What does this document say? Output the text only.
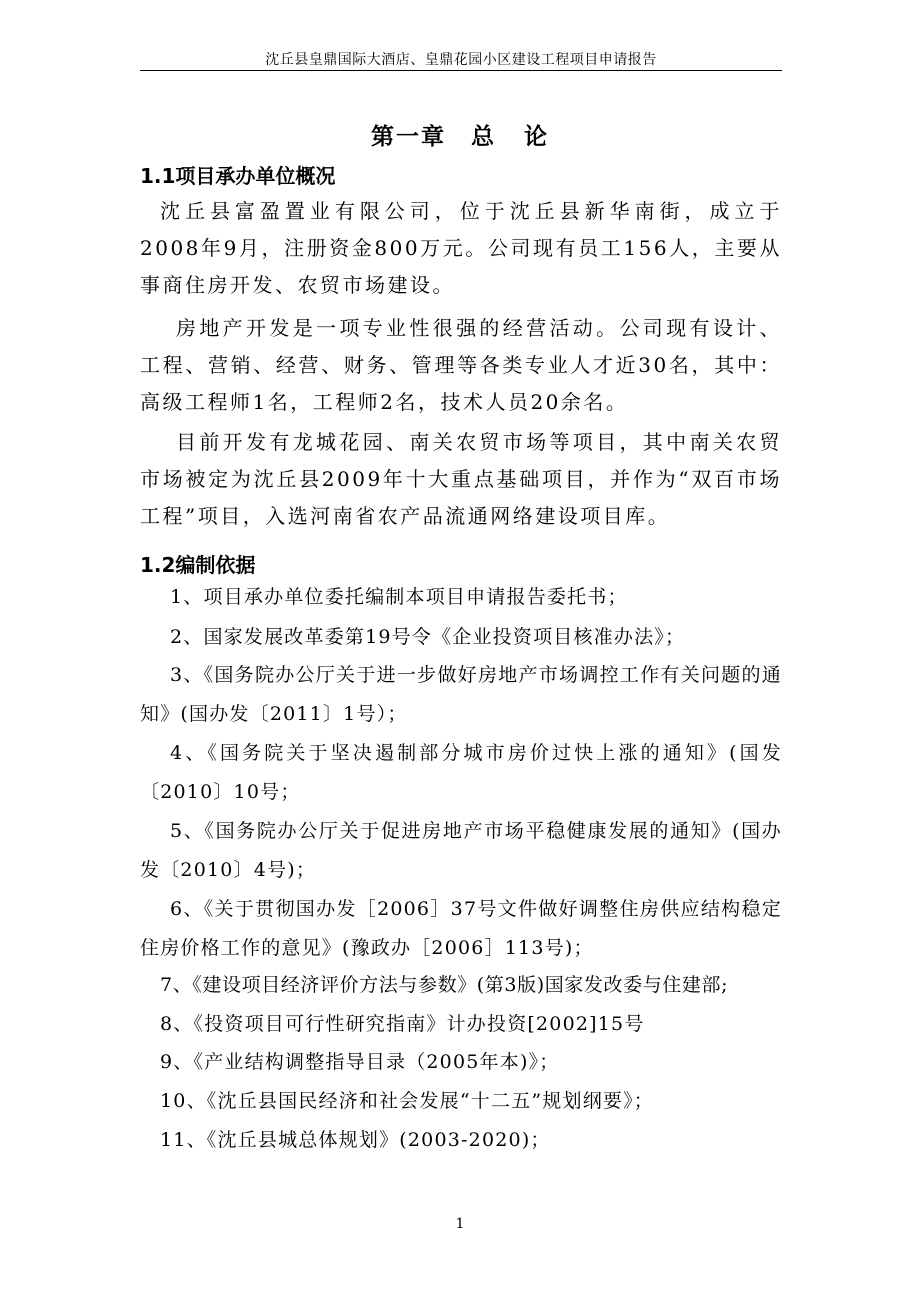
沈丘县皇鼎国际大酒店、皇鼎花园小区建设工程项目申请报告
第一章　总 论
1.1项目承办单位概况
沈丘县富盈置业有限公司，位于沈丘县新华南街，成立于2008年9月，注册资金800万元。公司现有员工156人，主要从事商住房开发、农贸市场建设。
房地产开发是一项专业性很强的经营活动。公司现有设计、工程、营销、经营、财务、管理等各类专业人才近30名，其中：高级工程师1名，工程师2名，技术人员20余名。
目前开发有龙城花园、南关农贸市场等项目，其中南关农贸市场被定为沈丘县2009年十大重点基础项目，并作为“双百市场工程”项目，入选河南省农产品流通网络建设项目库。
1.2编制依据
1、项目承办单位委托编制本项目申请报告委托书；
2、国家发展改革委第19号令《企业投资项目核准办法》；
3、《国务院办公厅关于进一步做好房地产市场调控工作有关问题的通知》(国办发〔2011〕1号）；
4、《国务院关于坚决遏制部分城市房价过快上涨的通知》(国发〔2010〕10号；
5、《国务院办公厅关于促进房地产市场平稳健康发展的通知》(国办发〔2010〕4号)；
6、《关于贯彻国办发［2006］37号文件做好调整住房供应结构稳定住房价格工作的意见》(豫政办［2006］113号)；
7、《建设项目经济评价方法与参数》(第3版)国家发改委与住建部;
8、《投资项目可行性研究指南》计办投资[2002]15号
9、《产业结构调整指导目录（2005年本)》；
10、《沈丘县国民经济和社会发展“十二五”规划纲要》；
11、《沈丘县城总体规划》(2003-2020)；
1
